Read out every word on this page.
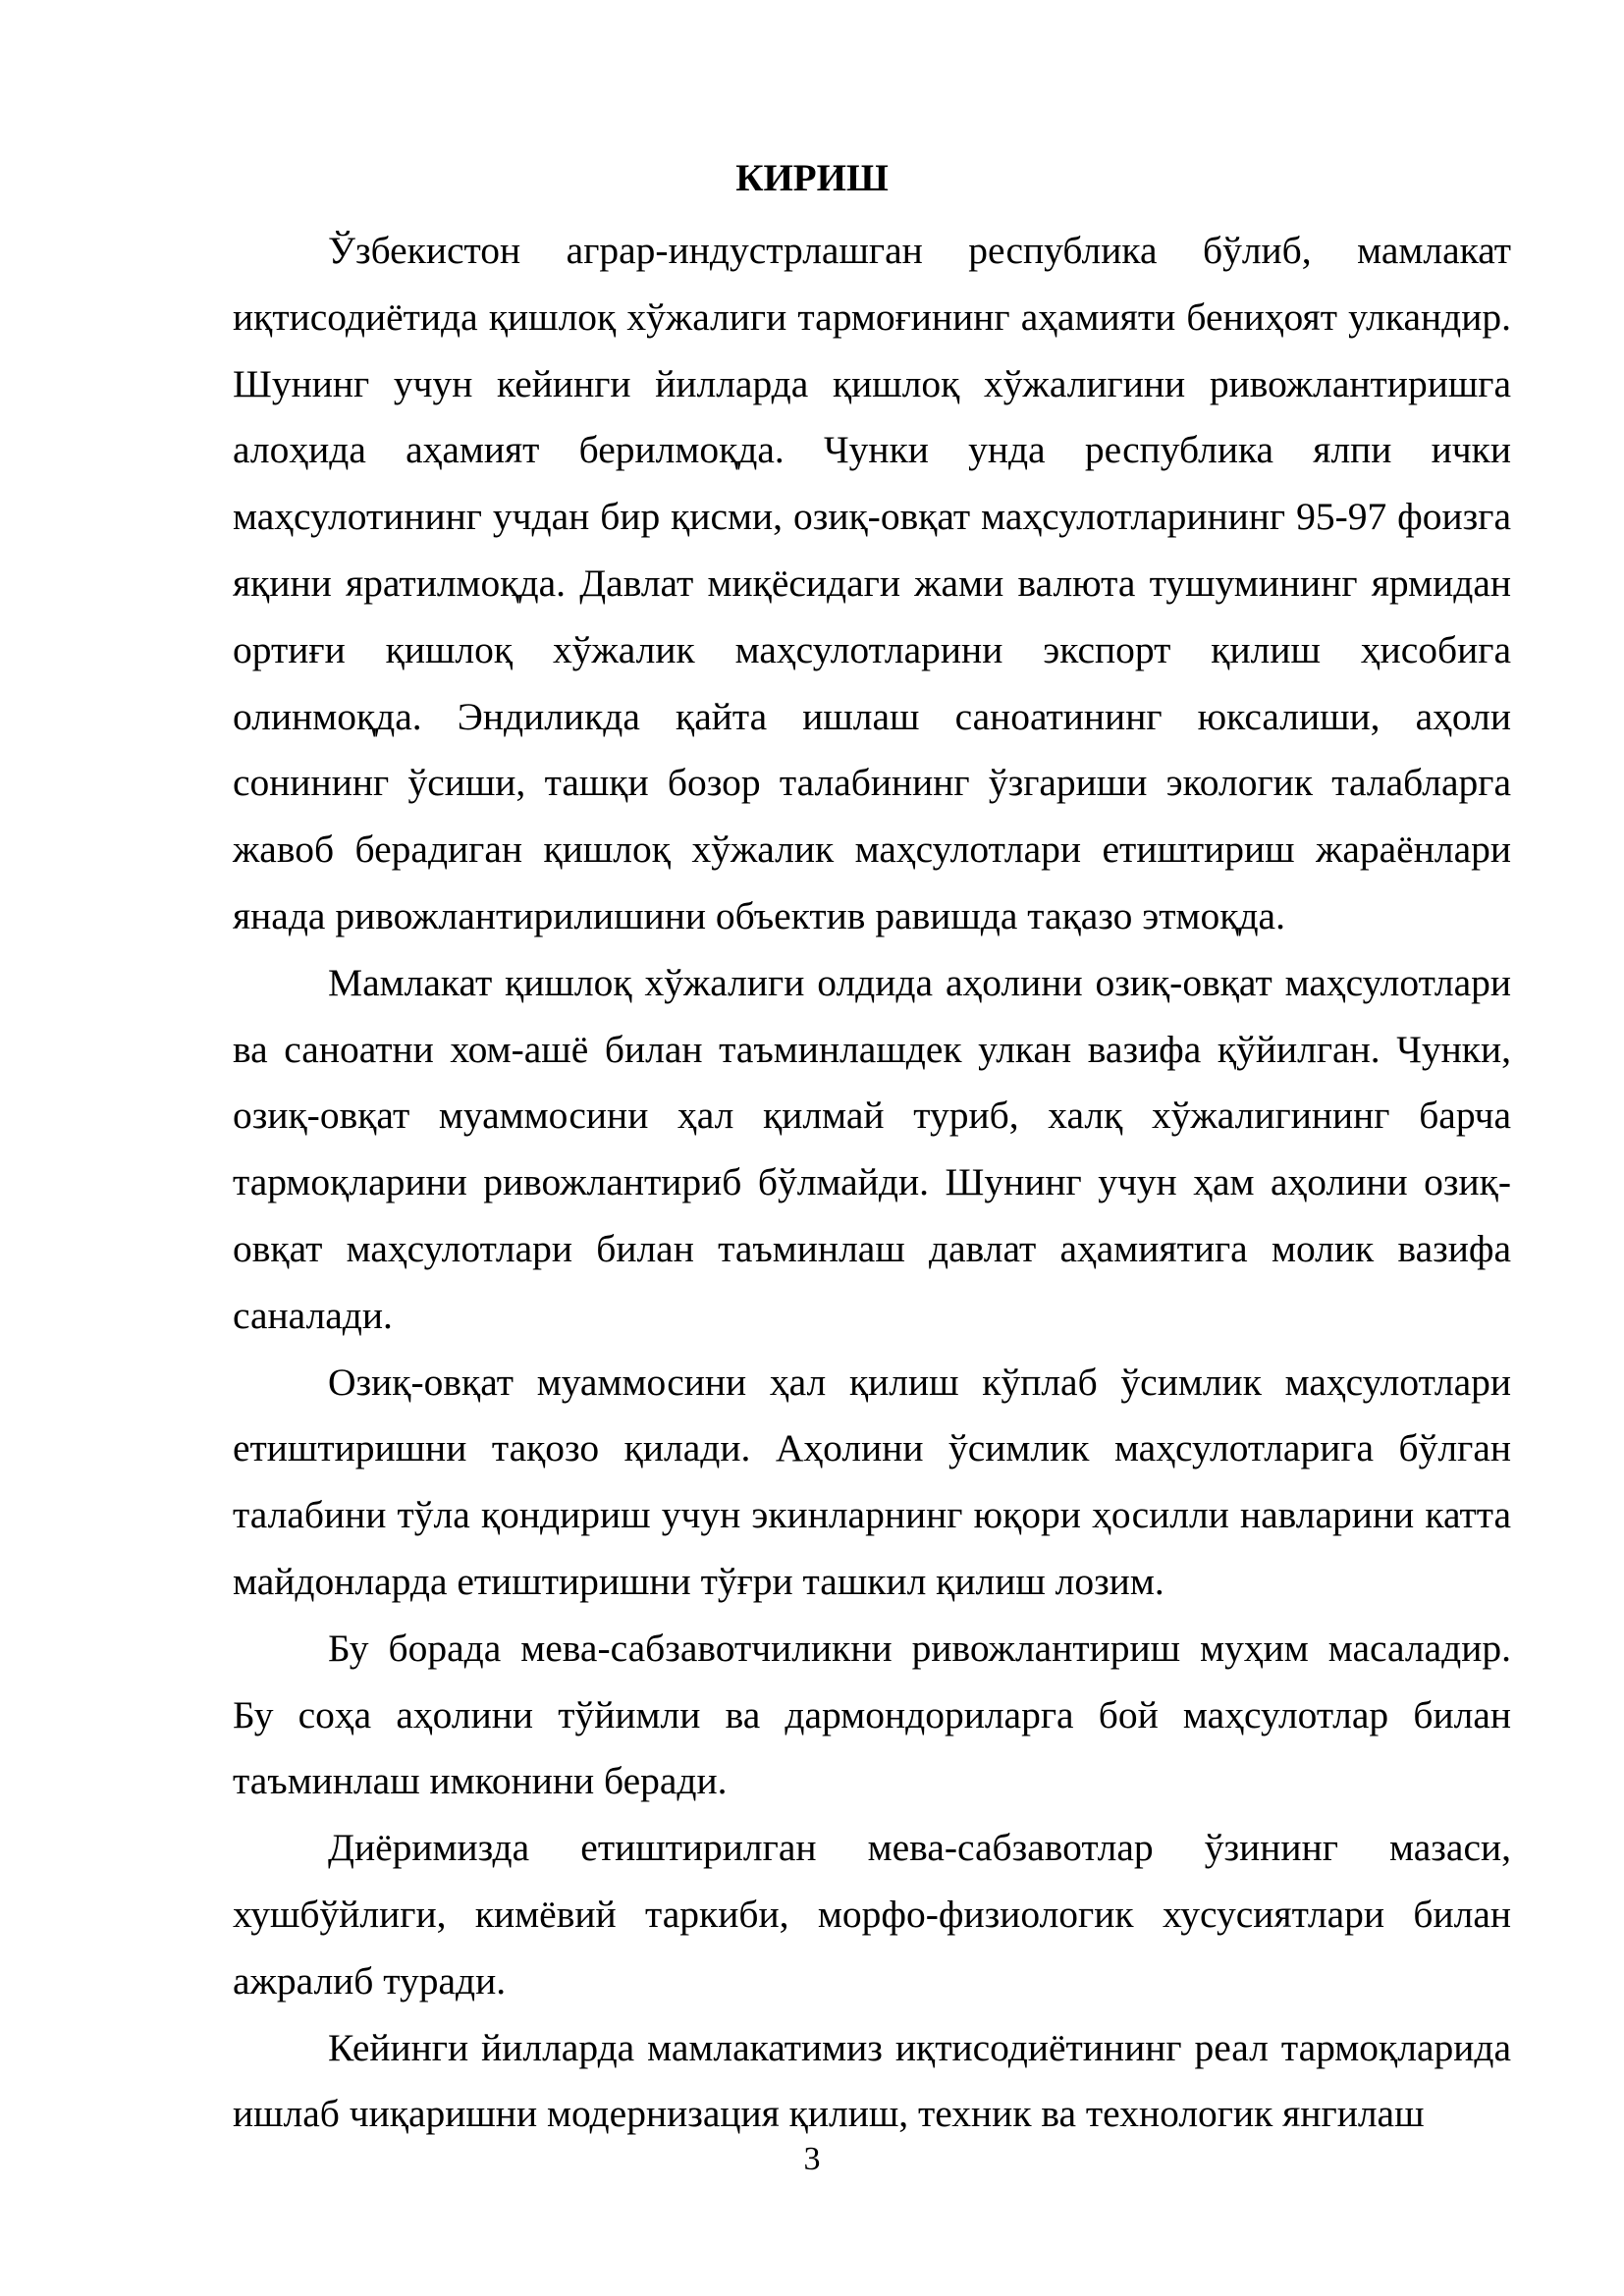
КИРИШ

Ўзбекистон аграр-индустрлашган республика бўлиб, мамлакат иқтисодиётида қишлоқ хўжалиги тармоғининг аҳамияти бениҳоят улкандир. Шунинг учун кейинги йилларда қишлоқ хўжалигини ривожлантиришга алоҳида аҳамият берилмоқда. Чунки унда республика ялпи ички маҳсулотининг учдан бир қисми, озиқ-овқат маҳсулотларининг 95-97 фоизга яқини яратилмоқда. Давлат миқёсидаги жами валюта тушумининг ярмидан ортиғи қишлоқ хўжалик маҳсулотларини экспорт қилиш ҳисобига олинмоқда. Эндиликда қайта ишлаш саноатининг юксалиши, аҳоли сонининг ўсиши, ташқи бозор талабининг ўзгариши экологик талабларга жавоб берадиган қишлоқ хўжалик маҳсулотлари етиштириш жараёнлари янада ривожлантирилишини объектив равишда тақазо этмоқда.

Мамлакат қишлоқ хўжалиги олдида аҳолини озиқ-овқат маҳсулотлари ва саноатни хом-ашё билан таъминлашдек улкан вазифа қўйилган. Чунки, озиқ-овқат муаммосини ҳал қилмай туриб, халқ хўжалигининг барча тармоқларини ривожлантириб бўлмайди. Шунинг учун ҳам аҳолини озиқ-овқат маҳсулотлари билан таъминлаш давлат аҳамиятига молик вазифа саналади.

Озиқ-овқат муаммосини ҳал қилиш кўплаб ўсимлик маҳсулотлари етиштиришни тақозо қилади. Аҳолини ўсимлик маҳсулотларига бўлган талабини тўла қондириш учун экинларнинг юқори ҳосилли навларини катта майдонларда етиштиришни тўғри ташкил қилиш лозим.

Бу борада мева-сабзавотчиликни ривожлантириш муҳим масаладир. Бу соҳа аҳолини тўйимли ва дармондориларга бой маҳсулотлар билан таъминлаш имконини беради.

Диёримизда етиштирилган мева-сабзавотлар ўзининг мазаси, хушбўйлиги, кимёвий таркиби, морфо-физиологик хусусиятлари билан ажралиб туради.

Кейинги йилларда мамлакатимиз иқтисодиётининг реал тармоқларида ишлаб чиқаришни модернизация қилиш, техник ва технологик янгилаш

3
